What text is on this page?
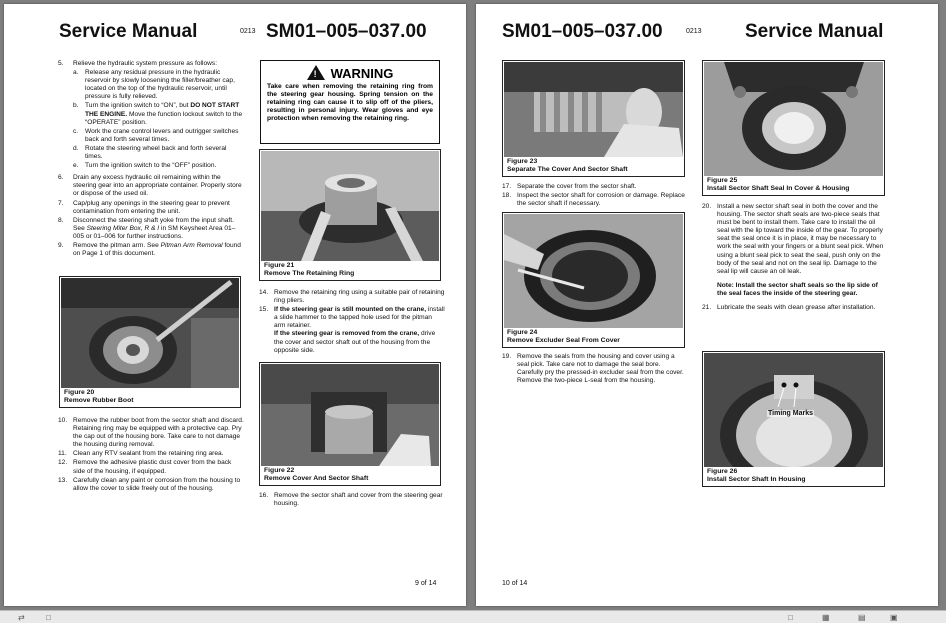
Service Manual	0213 SM01–005–037.00
5.	Relieve the hydraulic system pressure as follows:
a. Release any residual pressure in the hydraulic reservoir by slowly loosening the filler/breather cap, located on the top of the hydraulic reservoir, until pressure is fully relieved.
b. Turn the ignition switch to “ON”, but DO NOT START THE ENGINE. Move the function lockout switch to the “OPERATE” position.
c.	Work the crane control levers and outrigger switches back and forth several times.
d. Rotate the steering wheel back and forth several times.
e. Turn the ignition switch to the “OFF” position.
6.	Drain any excess hydraulic oil remaining within the steering gear into an appropriate container. Properly store or dispose of the used oil.
7.	Cap/plug any openings in the steering gear to prevent contamination from entering the unit.
8.	Disconnect the steering shaft yoke from the input shaft. See Steering Miter Box, R & I in SM Keysheet Area 01–005 or 01–006 for further instructions.
9.	Remove the pitman arm. See Pitman Arm Removal found on Page 1 of this document.
Figure 20
Remove Rubber Boot
10. Remove the rubber boot from the sector shaft and discard. Retaining ring may be equipped with a protective cap. Pry the cap out of the housing bore. Take care to not damage the housing during removal.
11. Clean any RTV sealant from the retaining ring area.
12. Remove the adhesive plastic dust cover from the back side of the housing, if equipped.
13. Carefully clean any paint or corrosion from the housing to allow the cover to slide freely out of the housing.
! WARNING
Take care when removing the retaining ring from the steering gear housing. Spring tension on the retaining ring can cause it to slip off of the pliers, resulting in personal injury. Wear gloves and eye protection when removing the retaining ring.
Figure 21
Remove The Retaining Ring
14. Remove the retaining ring using a suitable pair of retaining ring pliers.
15. If the steering gear is still mounted on the crane, install a slide hammer to the tapped hole used for the pitman arm retainer.
If the steering gear is removed from the crane, drive the cover and sector shaft out of the housing from the opposite side.
Figure 22
Remove Cover And Sector Shaft
16. Remove the sector shaft and cover from the steering gear housing.
9 of 14
SM01–005–037.00	0213 Service Manual
Figure 23
Separate The Cover And Sector Shaft
17. Separate the cover from the sector shaft.
18. Inspect the sector shaft for corrosion or damage. Replace the sector shaft if necessary.
Figure 24
Remove Excluder Seal From Cover
19. Remove the seals from the housing and cover using a seal pick. Take care not to damage the seal bore. Carefully pry the pressed-in excluder seal from the cover. Remove the two-piece L-seal from the housing.
Figure 25
Install Sector Shaft Seal In Cover & Housing
20. Install a new sector shaft seal in both the cover and the housing. The sector shaft seals are two-piece seals that must be bent to install them. Take care to install the oil seal with the lip toward the inside of the gear. To properly seat the seal once it is in place, it may be necessary to work the seal with your fingers or a blunt seal pick. When using a blunt seal pick to seat the seal, push only on the body of the seal and not on the seal lip. Damage to the seal lip will cause an oil leak.

Note: Install the sector shaft seals so the lip side of the seal faces the inside of the steering gear.

21. Lubricate the seals with clean grease after installation.
Timing Marks
Figure 26
Install Sector Shaft In Housing
10 of 14
⇄	□	□	▦	▤	▣
